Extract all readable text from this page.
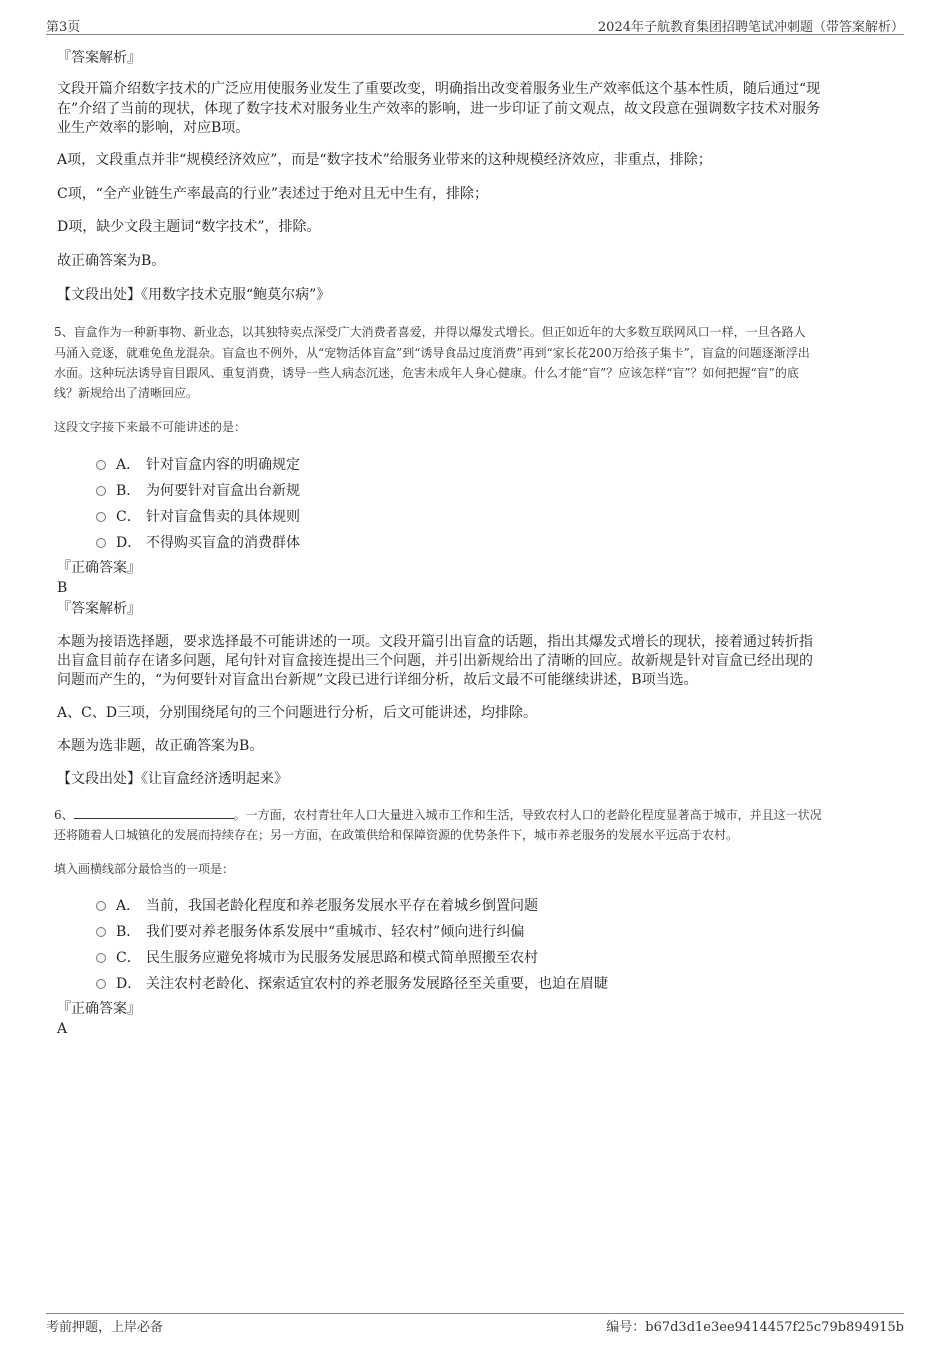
第3页	2024年子航教育集团招聘笔试冲刺题（带答案解析）
『答案解析』
文段开篇介绍数字技术的广泛应用使服务业发生了重要改变，明确指出改变着服务业生产效率低这个基本性质，随后通过“现
在”介绍了当前的现状，体现了数字技术对服务业生产效率的影响，进一步印证了前文观点，故文段意在强调数字技术对服务
业生产效率的影响，对应B项。
A项，文段重点并非“规模经济效应”，而是“数字技术”给服务业带来的这种规模经济效应，非重点，排除；
C项，“全产业链生产率最高的行业”表述过于绝对且无中生有，排除；
D项，缺少文段主题词“数字技术”，排除。
故正确答案为B。
【文段出处】《用数字技术克服“鲍莫尔病”》
5、盲盒作为一种新事物、新业态，以其独特卖点深受广大消费者喜爱，并得以爆发式增长。但正如近年的大多数互联网风口一样，一旦各路人
马涌入竞逐，就难免鱼龙混杂。盲盒也不例外，从“宠物活体盲盒”到“诱导食品过度消费”再到“家长花200万给孩子集卡”，盲盒的问题逐渐浮出
水面。这种玩法诱导盲目跟风、重复消费，诱导一些人病态沉迷，危害未成年人身心健康。什么才能“盲”？应该怎样“盲”？如何把握“盲”的底
线？新规给出了清晰回应。
这段文字接下来最不可能讲述的是：
A． 针对盲盒内容的明确规定
B． 为何要针对盲盒出台新规
C． 针对盲盒售卖的具体规则
D． 不得购买盲盒的消费群体
『正确答案』
B
『答案解析』
本题为接语选择题，要求选择最不可能讲述的一项。文段开篇引出盲盒的话题，指出其爆发式增长的现状，接着通过转折指
出盲盒目前存在诸多问题，尾句针对盲盒接连提出三个问题，并引出新规给出了清晰的回应。故新规是针对盲盒已经出现的
问题而产生的，“为何要针对盲盒出台新规”文段已进行详细分析，故后文最不可能继续讲述，B项当选。
A、C、D三项，分别围绕尾句的三个问题进行分析，后文可能讲述，均排除。
本题为选非题，故正确答案为B。
【文段出处】《让盲盒经济透明起来》
6、	。一方面，农村青壮年人口大量进入城市工作和生活，导致农村人口的老龄化程度显著高于城市，并且这一状况
还将随着人口城镇化的发展而持续存在；另一方面，在政策供给和保障资源的优势条件下，城市养老服务的发展水平远高于农村。
填入画横线部分最恰当的一项是：
A． 当前，我国老龄化程度和养老服务发展水平存在着城乡倒置问题
B． 我们要对养老服务体系发展中“重城市、轻农村”倾向进行纠偏
C． 民生服务应避免将城市为民服务发展思路和模式简单照搬至农村
D． 关注农村老龄化、探索适宜农村的养老服务发展路径至关重要，也迫在眉睫
『正确答案』
A
考前押题，上岸必备	编号：b67d3d1e3ee9414457f25c79b894915b
